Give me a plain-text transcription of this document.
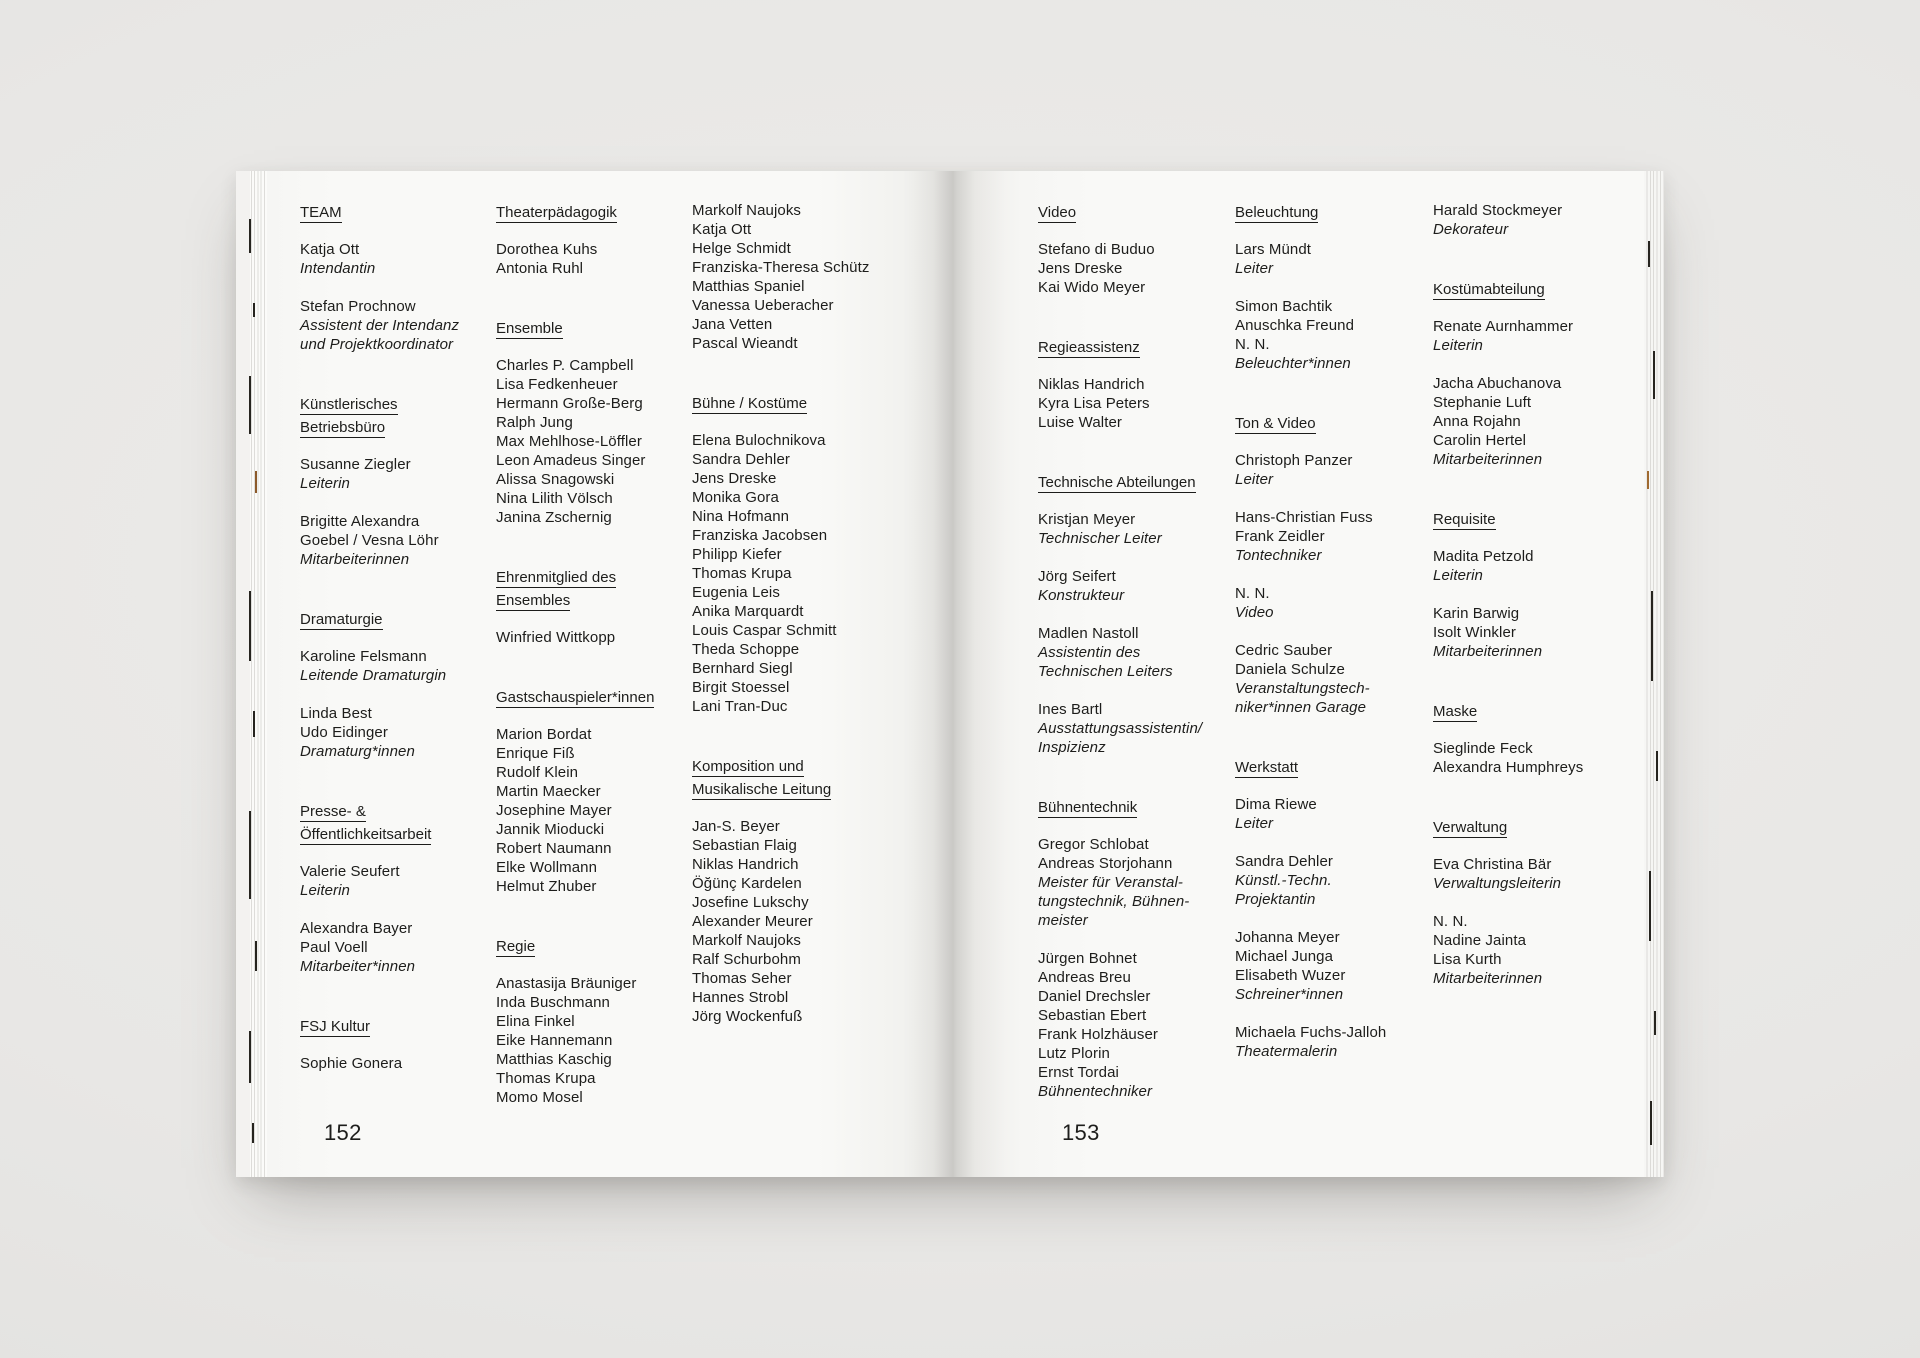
TEAM
Katja Ott
Intendantin
Stefan Prochnow
Assistent der Intendanz
und Projektkoordinator
Künstlerisches
Betriebsbüro
Susanne Ziegler
Leiterin
Brigitte Alexandra
Goebel / Vesna Löhr
Mitarbeiterinnen
Dramaturgie
Karoline Felsmann
Leitende Dramaturgin
Linda Best
Udo Eidinger
Dramaturg*innen
Presse- &
Öffentlichkeitsarbeit
Valerie Seufert
Leiterin
Alexandra Bayer
Paul Voell
Mitarbeiter*innen
FSJ Kultur
Sophie Gonera
Theaterpädagogik
Dorothea Kuhs
Antonia Ruhl
Ensemble
Charles P. Campbell
Lisa Fedkenheuer
Hermann Große-Berg
Ralph Jung
Max Mehlhose-Löffler
Leon Amadeus Singer
Alissa Snagowski
Nina Lilith Völsch
Janina Zschernig
Ehrenmitglied des
Ensembles
Winfried Wittkopp
Gastschauspieler*innen
Marion Bordat
Enrique Fiß
Rudolf Klein
Martin Maecker
Josephine Mayer
Jannik Mioducki
Robert Naumann
Elke Wollmann
Helmut Zhuber
Regie
Anastasija Bräuniger
Inda Buschmann
Elina Finkel
Eike Hannemann
Matthias Kaschig
Thomas Krupa
Momo Mosel
Markolf Naujoks
Katja Ott
Helge Schmidt
Franziska-Theresa Schütz
Matthias Spaniel
Vanessa Ueberacher
Jana Vetten
Pascal Wieandt
Bühne / Kostüme
Elena Bulochnikova
Sandra Dehler
Jens Dreske
Monika Gora
Nina Hofmann
Franziska Jacobsen
Philipp Kiefer
Thomas Krupa
Eugenia Leis
Anika Marquardt
Louis Caspar Schmitt
Theda Schoppe
Bernhard Siegl
Birgit Stoessel
Lani Tran-Duc
Komposition und
Musikalische Leitung
Jan-S. Beyer
Sebastian Flaig
Niklas Handrich
Öğünç Kardelen
Josefine Lukschy
Alexander Meurer
Markolf Naujoks
Ralf Schurbohm
Thomas Seher
Hannes Strobl
Jörg Wockenfuß
152
Video
Stefano di Buduo
Jens Dreske
Kai Wido Meyer
Regieassistenz
Niklas Handrich
Kyra Lisa Peters
Luise Walter
Technische Abteilungen
Kristjan Meyer
Technischer Leiter
Jörg Seifert
Konstrukteur
Madlen Nastoll
Assistentin des
Technischen Leiters
Ines Bartl
Ausstattungsassistentin/
Inspizienz
Bühnentechnik
Gregor Schlobat
Andreas Storjohann
Meister für Veranstal-
tungstechnik, Bühnen-
meister
Jürgen Bohnet
Andreas Breu
Daniel Drechsler
Sebastian Ebert
Frank Holzhäuser
Lutz Plorin
Ernst Tordai
Bühnentechniker
Beleuchtung
Lars Mündt
Leiter
Simon Bachtik
Anuschka Freund
N. N.
Beleuchter*innen
Ton & Video
Christoph Panzer
Leiter
Hans-Christian Fuss
Frank Zeidler
Tontechniker
N. N.
Video
Cedric Sauber
Daniela Schulze
Veranstaltungstech-
niker*innen Garage
Werkstatt
Dima Riewe
Leiter
Sandra Dehler
Künstl.-Techn.
Projektantin
Johanna Meyer
Michael Junga
Elisabeth Wuzer
Schreiner*innen
Michaela Fuchs-Jalloh
Theatermalerin
Harald Stockmeyer
Dekorateur
Kostümabteilung
Renate Aurnhammer
Leiterin
Jacha Abuchanova
Stephanie Luft
Anna Rojahn
Carolin Hertel
Mitarbeiterinnen
Requisite
Madita Petzold
Leiterin
Karin Barwig
Isolt Winkler
Mitarbeiterinnen
Maske
Sieglinde Feck
Alexandra Humphreys
Verwaltung
Eva Christina Bär
Verwaltungsleiterin
N. N.
Nadine Jainta
Lisa Kurth
Mitarbeiterinnen
153
